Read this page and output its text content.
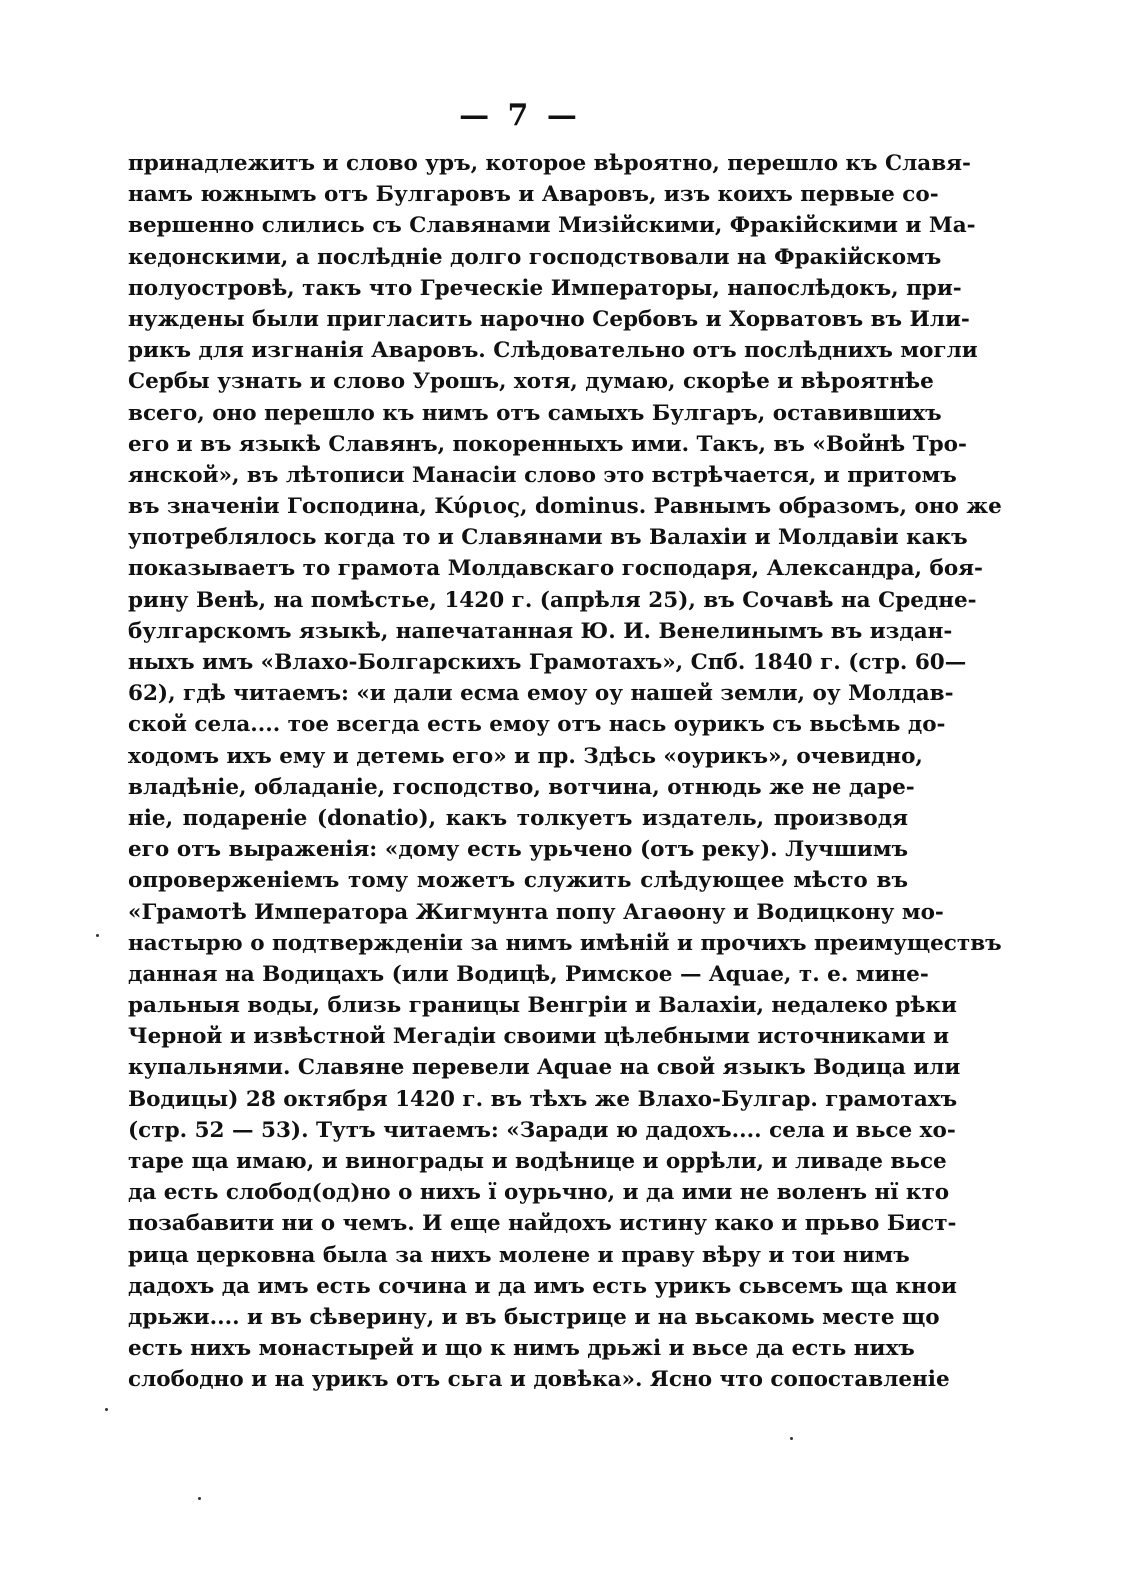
— 7 —
принадлежитъ и слово уръ, которое вѣроятно, перешло къ Славя-
намъ южнымъ отъ Булгаровъ и Аваровъ, изъ коихъ первые со-
вершенно слились съ Славянами Мизійскими, Фракійскими и Ма-
кедонскими, а послѣдніе долго господствовали на Фракійскомъ
полуостровѣ, такъ что Греческіе Императоры, напослѣдокъ, при-
нуждены были пригласить нарочно Сербовъ и Хорватовъ въ Или-
рикъ для изгнанія Аваровъ. Слѣдовательно отъ послѣднихъ могли
Сербы узнать и слово Урошъ, хотя, думаю, скорѣе и вѣроятнѣе
всего, оно перешло къ нимъ отъ самыхъ Булгаръ, оставившихъ
его и въ языкѣ Славянъ, покоренныхъ ими. Такъ, въ «Войнѣ Тро-
янской», въ лѣтописи Манасіи слово это встрѣчается, и притомъ
въ значеніи Господина, Κύριος, dominus. Равнымъ образомъ, оно же
употреблялось когда то и Славянами въ Валахіи и Молдавіи какъ
показываетъ то грамота Молдавскаго господаря, Александра, боя-
рину Венѣ, на помѣстье, 1420 г. (апрѣля 25), въ Сочавѣ на Средне-
булгарскомъ языкѣ, напечатанная Ю. И. Венелинымъ въ издан-
ныхъ имъ «Влахо-Болгарскихъ Грамотахъ», Спб. 1840 г. (стр. 60—
62), гдѣ читаемъ: «и дали есма емоу оу нашей земли, оу Молдав-
ской села.... тое всегда есть емоу отъ нась оурикъ съ вьсѣмь до-
ходомъ ихъ ему и детемь его» и пр. Здѣсь «оурикъ», очевидно,
владѣніе, обладаніе, господство, вотчина, отнюдь же не даре-
ніе, подареніе (donatio), какъ толкуетъ издатель, производя
его отъ выраженія: «дому есть урьчено (отъ реку). Лучшимъ
опроверженіемъ тому можетъ служить слѣдующее мѣсто въ
«Грамотѣ Императора Жигмунта попу Агаѳону и Водицкону мо-
настырю о подтвержденіи за нимъ имѣній и прочихъ преимуществъ
данная на Водицахъ (или Водицѣ, Римское — Aquae, т. е. мине-
ральныя воды, близь границы Венгріи и Валахіи, недалеко рѣки
Черной и извѣстной Мегадіи своими цѣлебными источниками и
купальнями. Славяне перевели Aquae на свой языкъ Водица или
Водицы) 28 октября 1420 г. въ тѣхъ же Влахо-Булгар. грамотахъ
(стр. 52 — 53). Тутъ читаемъ: «Заради ю дадохъ.... села и вьсе хо-
таре ща имаю, и винограды и водѣнице и оррѣли, и ливаде вьсе
да есть слобод(од)но о нихъ ї оурьчно, и да ими не воленъ нї кто
позабавити ни о чемъ. И еще найдохъ истину како и прьво Бист-
рица церковна была за нихъ молене и праву вѣру и тои нимъ
дадохъ да имъ есть сочина и да имъ есть урикъ сьвсемъ ща кнои
дрьжи.... и въ сѣверину, и въ быстрице и на вьсакомь месте що
есть нихъ монастырей и що к нимъ дрьжі и вьсе да есть нихъ
слободно и на урикъ отъ сьга и довѣка». Ясно что сопоставленіе
